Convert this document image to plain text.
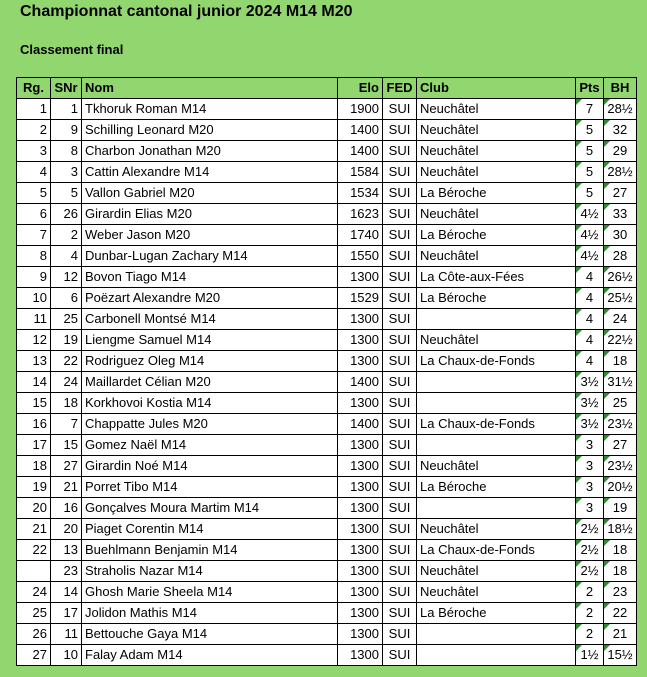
Championnat cantonal junior 2024 M14 M20
Classement final
Rg.	SNr	Nom	Elo	FED	Club	Pts	BH
1	1	Tkhoruk Roman M14	1900	SUI	Neuchâtel	7	28½
2	9	Schilling Leonard M20	1400	SUI	Neuchâtel	5	32
3	8	Charbon Jonathan M20	1400	SUI	Neuchâtel	5	29
4	3	Cattin Alexandre M14	1584	SUI	Neuchâtel	5	28½
5	5	Vallon Gabriel M20	1534	SUI	La Béroche	5	27
6	26	Girardin Elias M20	1623	SUI	Neuchâtel	4½	33
7	2	Weber Jason M20	1740	SUI	La Béroche	4½	30
8	4	Dunbar-Lugan Zachary M14	1550	SUI	Neuchâtel	4½	28
9	12	Bovon Tiago M14	1300	SUI	La Côte-aux-Fées	4	26½
10	6	Poëzart Alexandre M20	1529	SUI	La Béroche	4	25½
11	25	Carbonell Montsé M14	1300	SUI		4	24
12	19	Liengme Samuel M14	1300	SUI	Neuchâtel	4	22½
13	22	Rodriguez Oleg M14	1300	SUI	La Chaux-de-Fonds	4	18
14	24	Maillardet Célian M20	1400	SUI		3½	31½
15	18	Korkhovoi Kostia M14	1300	SUI		3½	25
16	7	Chappatte Jules M20	1400	SUI	La Chaux-de-Fonds	3½	23½
17	15	Gomez Naël M14	1300	SUI		3	27
18	27	Girardin Noé M14	1300	SUI	Neuchâtel	3	23½
19	21	Porret Tibo M14	1300	SUI	La Béroche	3	20½
20	16	Gonçalves Moura Martim M14	1300	SUI		3	19
21	20	Piaget Corentin M14	1300	SUI	Neuchâtel	2½	18½
22	13	Buehlmann Benjamin M14	1300	SUI	La Chaux-de-Fonds	2½	18
	23	Straholis Nazar M14	1300	SUI	Neuchâtel	2½	18
24	14	Ghosh Marie Sheela M14	1300	SUI	Neuchâtel	2	23
25	17	Jolidon Mathis M14	1300	SUI	La Béroche	2	22
26	11	Bettouche Gaya M14	1300	SUI		2	21
27	10	Falay Adam M14	1300	SUI		1½	15½
